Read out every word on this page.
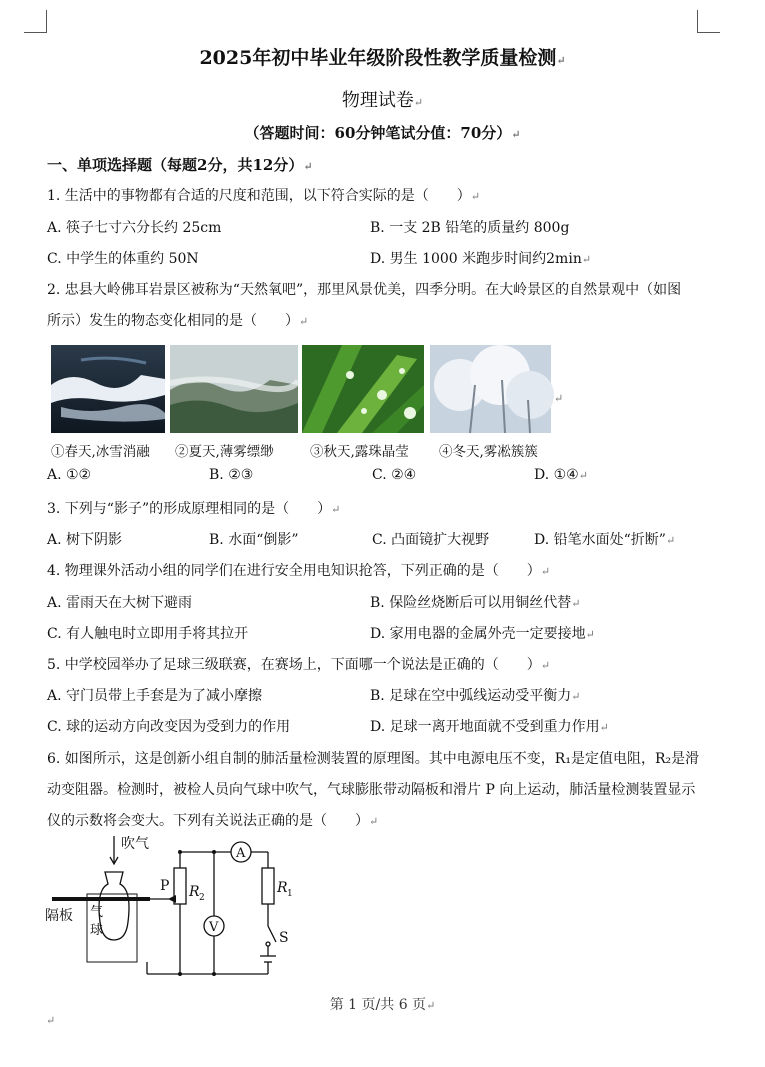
2025年初中毕业年级阶段性教学质量检测↵
物理试卷↵
（答题时间：60分钟笔试分值：70分）↵
一、单项选择题（每题2分，共12分）↵
1. 生活中的事物都有合适的尺度和范围，以下符合实际的是（　　）↵
A. 筷子七寸六分长约 25cm	B. 一支 2B 铅笔的质量约 800g
C. 中学生的体重约 50N	D. 男生 1000 米跑步时间约2min↵
2. 忠县大岭佛耳岩景区被称为“天然氧吧”，那里风景优美，四季分明。在大岭景区的自然景观中（如图
所示）发生的物态变化相同的是（　　）↵
↵
①春天,冰雪消融 ②夏天,薄雾缥缈	③秋天,露珠晶莹 ④冬天,雾凇簇簇
A. ①②	B. ②③	C. ②④	D. ①④↵
3. 下列与“影子”的形成原理相同的是（　　）↵
A. 树下阴影	B. 水面“倒影”	C. 凸面镜扩大视野	D. 铅笔水面处“折断”↵
4. 物理课外活动小组的同学们在进行安全用电知识抢答，下列正确的是（　　）↵
A. 雷雨天在大树下避雨	B. 保险丝烧断后可以用铜丝代替↵
C. 有人触电时立即用手将其拉开	D. 家用电器的金属外壳一定要接地↵
5. 中学校园举办了足球三级联赛，在赛场上，下面哪一个说法是正确的（　　）↵
A. 守门员带上手套是为了减小摩擦	B. 足球在空中弧线运动受平衡力↵
C. 球的运动方向改变因为受到力的作用	D. 足球一离开地面就不受到重力作用↵
6. 如图所示，这是创新小组自制的肺活量检测装置的原理图。其中电源电压不变，R₁是定值电阻，R₂是滑
动变阻器。检测时，被检人员向气球中吹气，气球膨胀带动隔板和滑片 P 向上运动，肺活量检测装置显示
仪的示数将会变大。下列有关说法正确的是（　　）↵
吹气
隔板 气
球
P R 2
R 1
A
V
S
第 1 页/共 6 页↵
↵
